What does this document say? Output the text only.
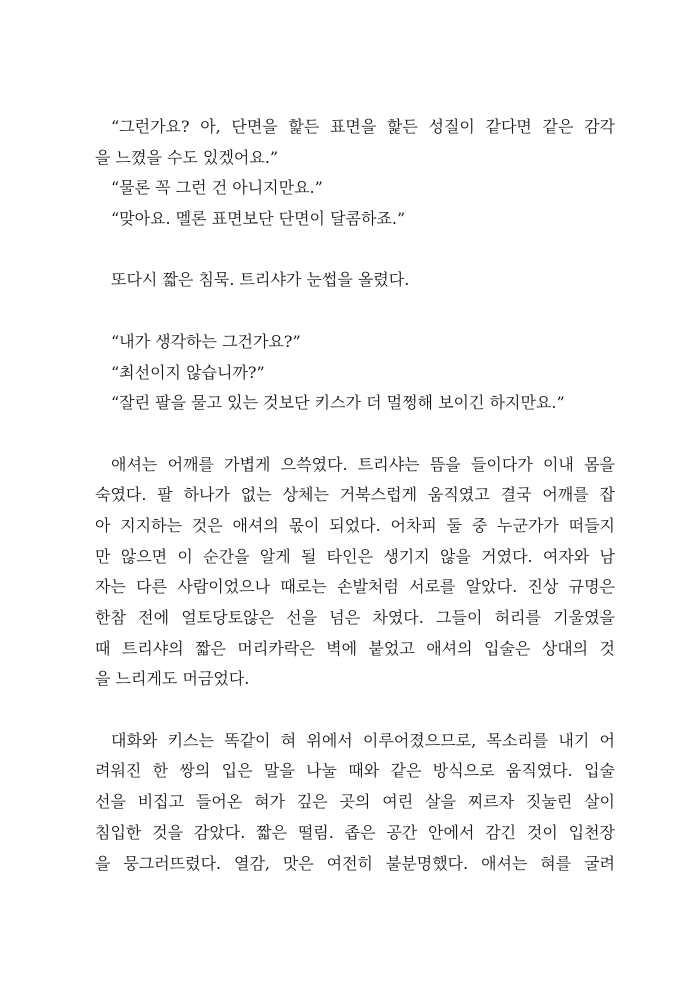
“그런가요? 아, 단면을 핥든 표면을 핥든 성질이 같다면 같은 감각
을 느꼈을 수도 있겠어요.”
“물론 꼭 그런 건 아니지만요.”
“맞아요. 멜론 표면보단 단면이 달콤하죠.”
또다시 짧은 침묵. 트리샤가 눈썹을 올렸다.
“내가 생각하는 그건가요?”
“최선이지 않습니까?”
“잘린 팔을 물고 있는 것보단 키스가 더 멀쩡해 보이긴 하지만요.”
애셔는 어깨를 가볍게 으쓱였다. 트리샤는 뜸을 들이다가 이내 몸을
숙였다. 팔 하나가 없는 상체는 거북스럽게 움직였고 결국 어깨를 잡
아 지지하는 것은 애셔의 몫이 되었다. 어차피 둘 중 누군가가 떠들지
만 않으면 이 순간을 알게 될 타인은 생기지 않을 거였다. 여자와 남
자는 다른 사람이었으나 때로는 손발처럼 서로를 알았다. 진상 규명은
한참 전에 얼토당토않은 선을 넘은 차였다. 그들이 허리를 기울였을
때 트리샤의 짧은 머리카락은 벽에 붙었고 애셔의 입술은 상대의 것
을 느리게도 머금었다.
대화와 키스는 똑같이 혀 위에서 이루어졌으므로, 목소리를 내기 어
려워진 한 쌍의 입은 말을 나눌 때와 같은 방식으로 움직였다. 입술
선을 비집고 들어온 혀가 깊은 곳의 여린 살을 찌르자 짓눌린 살이
침입한 것을 감았다. 짧은 떨림. 좁은 공간 안에서 감긴 것이 입천장
을 뭉그러뜨렸다. 열감, 맛은 여전히 불분명했다. 애셔는 혀를 굴려
